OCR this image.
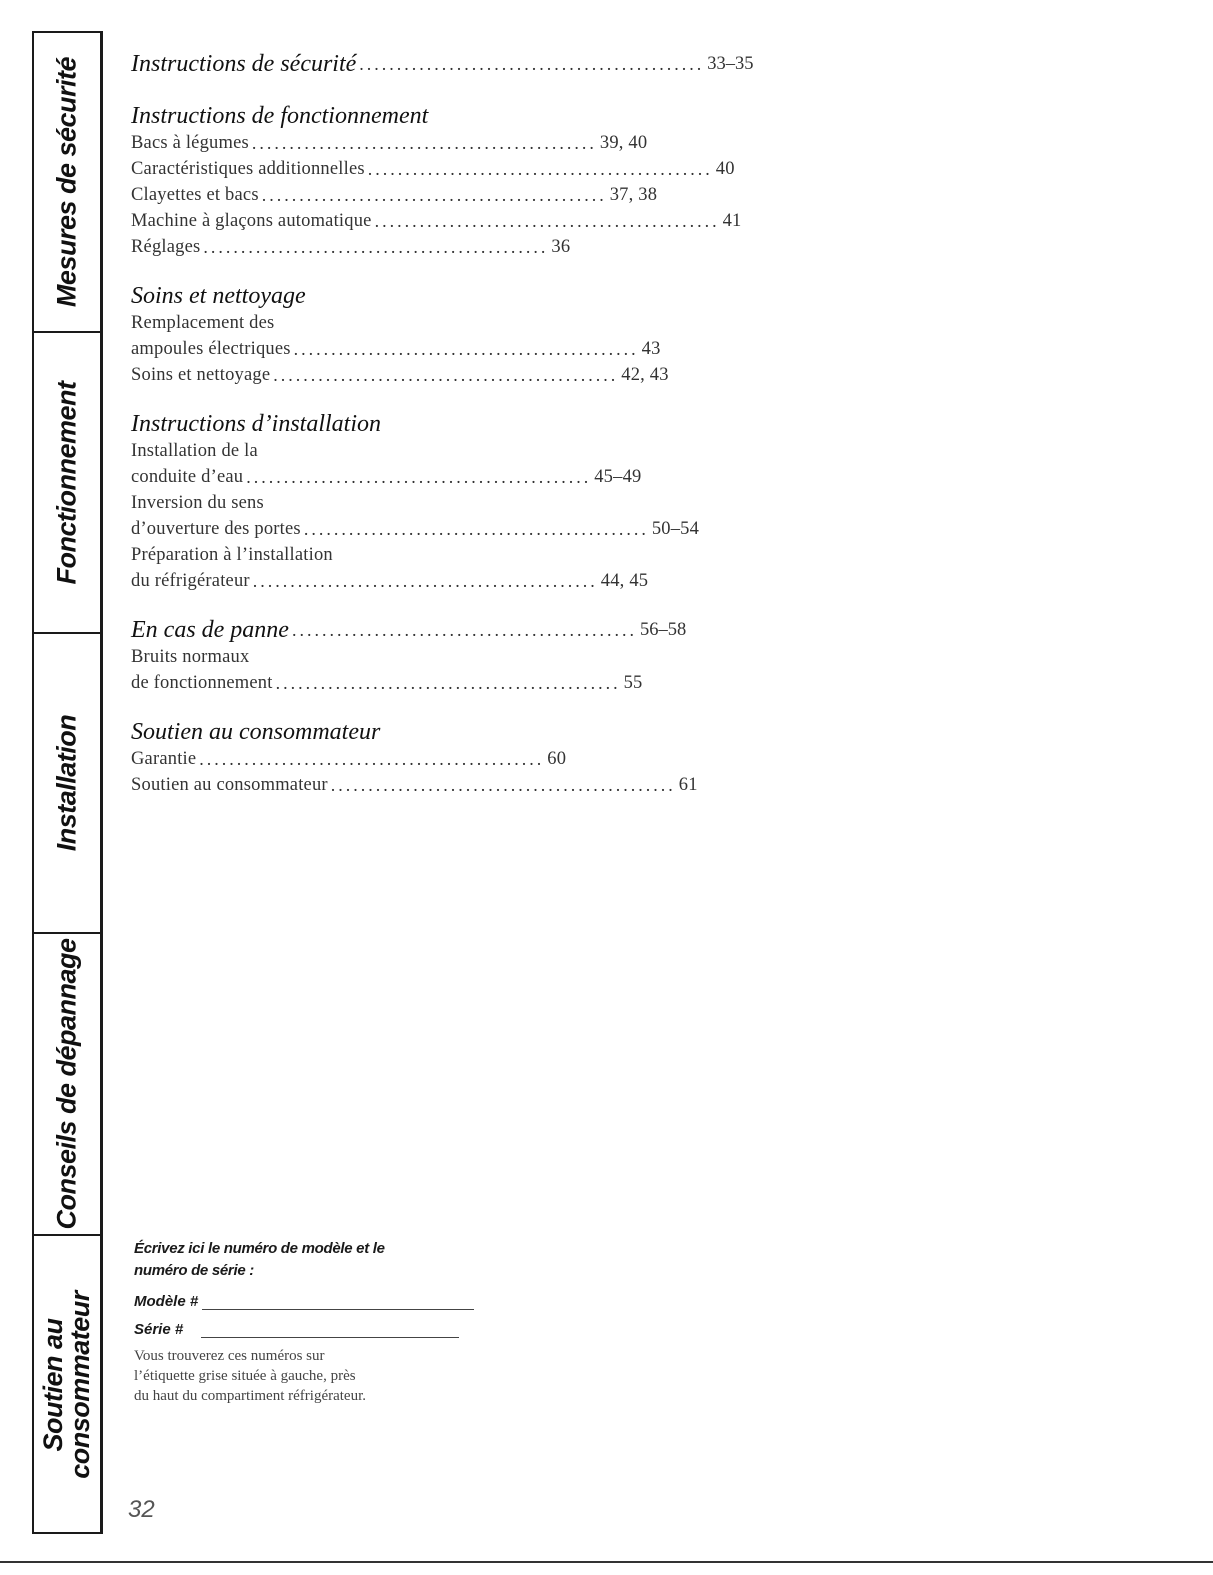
Mesures de sécurité
Fonctionnement
Installation
Conseils de dépannage
Soutien au
consommateur
Instructions de sécurité .............................................. 33–35
Instructions de fonctionnement
Bacs à légumes .............................................. 39, 40
Caractéristiques additionnelles .............................................. 40
Clayettes et bacs .............................................. 37, 38
Machine à glaçons automatique .............................................. 41
Réglages .............................................. 36
Soins et nettoyage
Remplacement des
ampoules électriques .............................................. 43
Soins et nettoyage .............................................. 42, 43
Instructions d’installation
Installation de la
conduite d’eau .............................................. 45–49
Inversion du sens
d’ouverture des portes .............................................. 50–54
Préparation à l’installation
du réfrigérateur .............................................. 44, 45
En cas de panne .............................................. 56–58
Bruits normaux
de fonctionnement .............................................. 55
Soutien au consommateur
Garantie .............................................. 60
Soutien au consommateur .............................................. 61
Écrivez ici le numéro de modèle et le
numéro de série :
Modèle #
Série #
Vous trouverez ces numéros sur
l’étiquette grise située à gauche, près
du haut du compartiment réfrigérateur.
32
